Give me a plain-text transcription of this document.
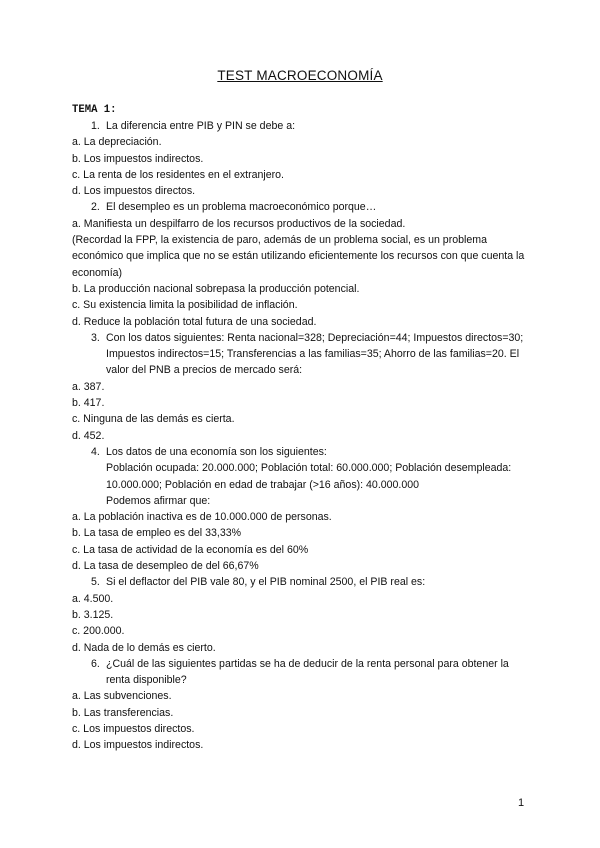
TEST MACROECONOMÍA
TEMA 1:
1. La diferencia entre PIB y PIN se debe a:
a. La depreciación.
b. Los impuestos indirectos.
c. La renta de los residentes en el extranjero.
d. Los impuestos directos.
2. El desempleo es un problema macroeconómico porque…
a. Manifiesta un despilfarro de los recursos productivos de la sociedad.
(Recordad la FPP, la existencia de paro, además de un problema social, es un problema económico que implica que no se están utilizando eficientemente los recursos con que cuenta la economía)
b. La producción nacional sobrepasa la producción potencial.
c. Su existencia limita la posibilidad de inflación.
d. Reduce la población total futura de una sociedad.
3. Con los datos siguientes: Renta nacional=328; Depreciación=44; Impuestos directos=30; Impuestos indirectos=15; Transferencias a las familias=35; Ahorro de las familias=20. El valor del PNB a precios de mercado será:
a. 387.
b. 417.
c. Ninguna de las demás es cierta.
d. 452.
4. Los datos de una economía son los siguientes:
Población ocupada: 20.000.000; Población total: 60.000.000; Población desempleada: 10.000.000; Población en edad de trabajar (>16 años): 40.000.000
Podemos afirmar que:
a. La población inactiva es de 10.000.000 de personas.
b. La tasa de empleo es del 33,33%
c. La tasa de actividad de la economía es del 60%
d. La tasa de desempleo de del 66,67%
5. Si el deflactor del PIB vale 80, y el PIB nominal 2500, el PIB real es:
a. 4.500.
b. 3.125.
c. 200.000.
d. Nada de lo demás es cierto.
6. ¿Cuál de las siguientes partidas se ha de deducir de la renta personal para obtener la renta disponible?
a. Las subvenciones.
b. Las transferencias.
c. Los impuestos directos.
d. Los impuestos indirectos.
1
